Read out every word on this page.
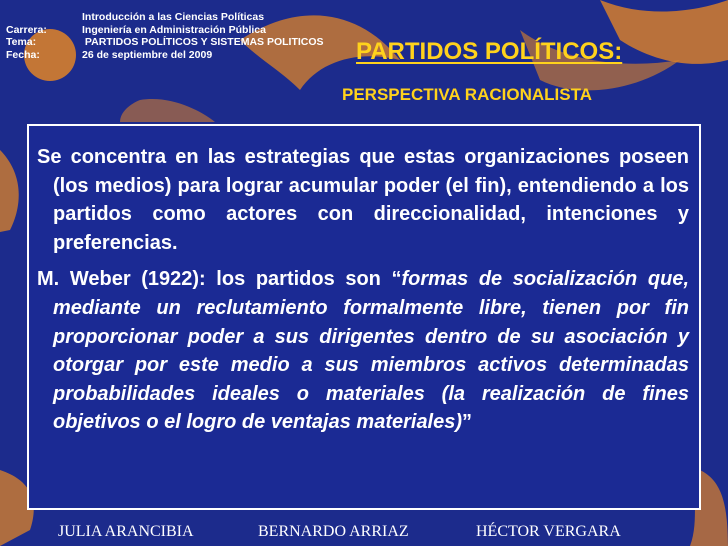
Introducción a las Ciencias Políticas
Carrera:	Ingeniería en Administración Pública
Tema:	PARTIDOS POLÍTICOS Y SISTEMAS POLITICOS
Fecha:	26 de septiembre del 2009	PARTIDOS POLÍTICOS:
PERSPECTIVA RACIONALISTA

Se concentra en las estrategias que estas organizaciones poseen (los medios) para lograr acumular poder (el fin), entendiendo a los partidos como actores con direccionalidad, intenciones y preferencias.

M. Weber (1922): los partidos son “formas de socialización que, mediante un reclutamiento formalmente libre, tienen por fin proporcionar poder a sus dirigentes dentro de su asociación y otorgar por este medio a sus miembros activos determinadas probabilidades ideales o materiales (la realización de fines objetivos o el logro de ventajas materiales)”

JULIA ARANCIBIA	BERNARDO ARRIAZ	HÉCTOR VERGARA
